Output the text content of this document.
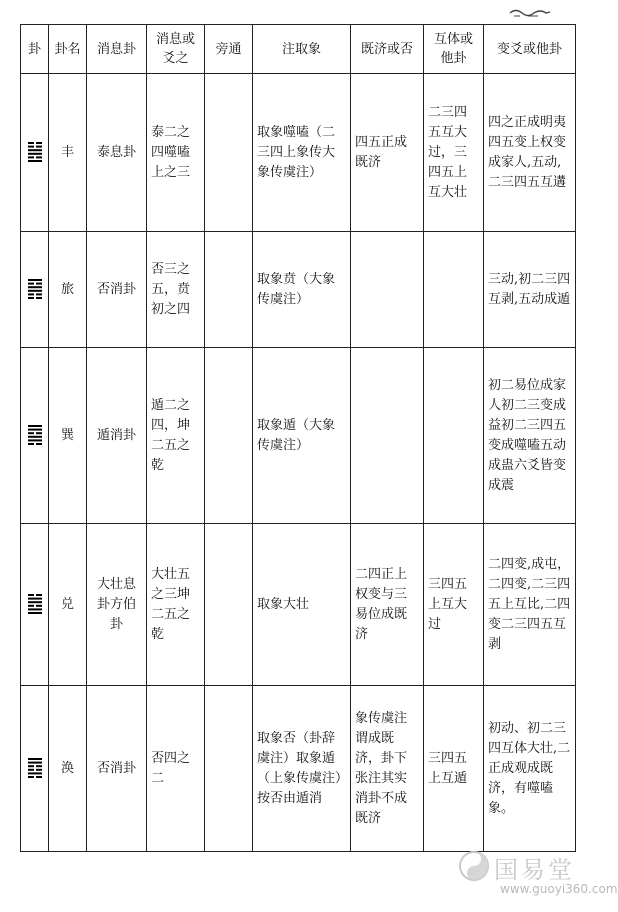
卦	卦名	消息卦	消息或爻之	旁通	注取象	既济或否	互体或他卦	变爻或他卦
	丰	泰息卦	泰二之四噬嗑上之三		取象噬嗑（二三四上象传大象传虞注）	四五正成既济	二三四五互大过，三四五上互大壮	四之正成明夷四五变上权变成家人,五动,二三四五互遘
	旅	否消卦	否三之五，贲初之四		取象贲（大象传虞注）			三动,初二三四互剥,五动成遁
	巽	遁消卦	遁二之四，坤二五之乾		取象遁（大象传虞注）			初二易位成家人初二三变成益初二三四五变成噬嗑五动成蛊六爻皆变成震
	兑	大壮息卦方伯卦	大壮五之三坤二五之乾		取象大壮	二四正上权变与三易位成既济	三四五上互大过	二四变,成屯，二四变,二三四五上互比,二四变二三四五互剥
	涣	否消卦	否四之二		取象否（卦辞虞注）取象遁（上象传虞注）按否由遁消	象传虞注谓成既济，卦下张注其实消卦不成既济	三四五上互遁	初动、初二三四互体大壮,二正成观成既济，有噬嗑象。
国易堂
www.guoyi360.com
